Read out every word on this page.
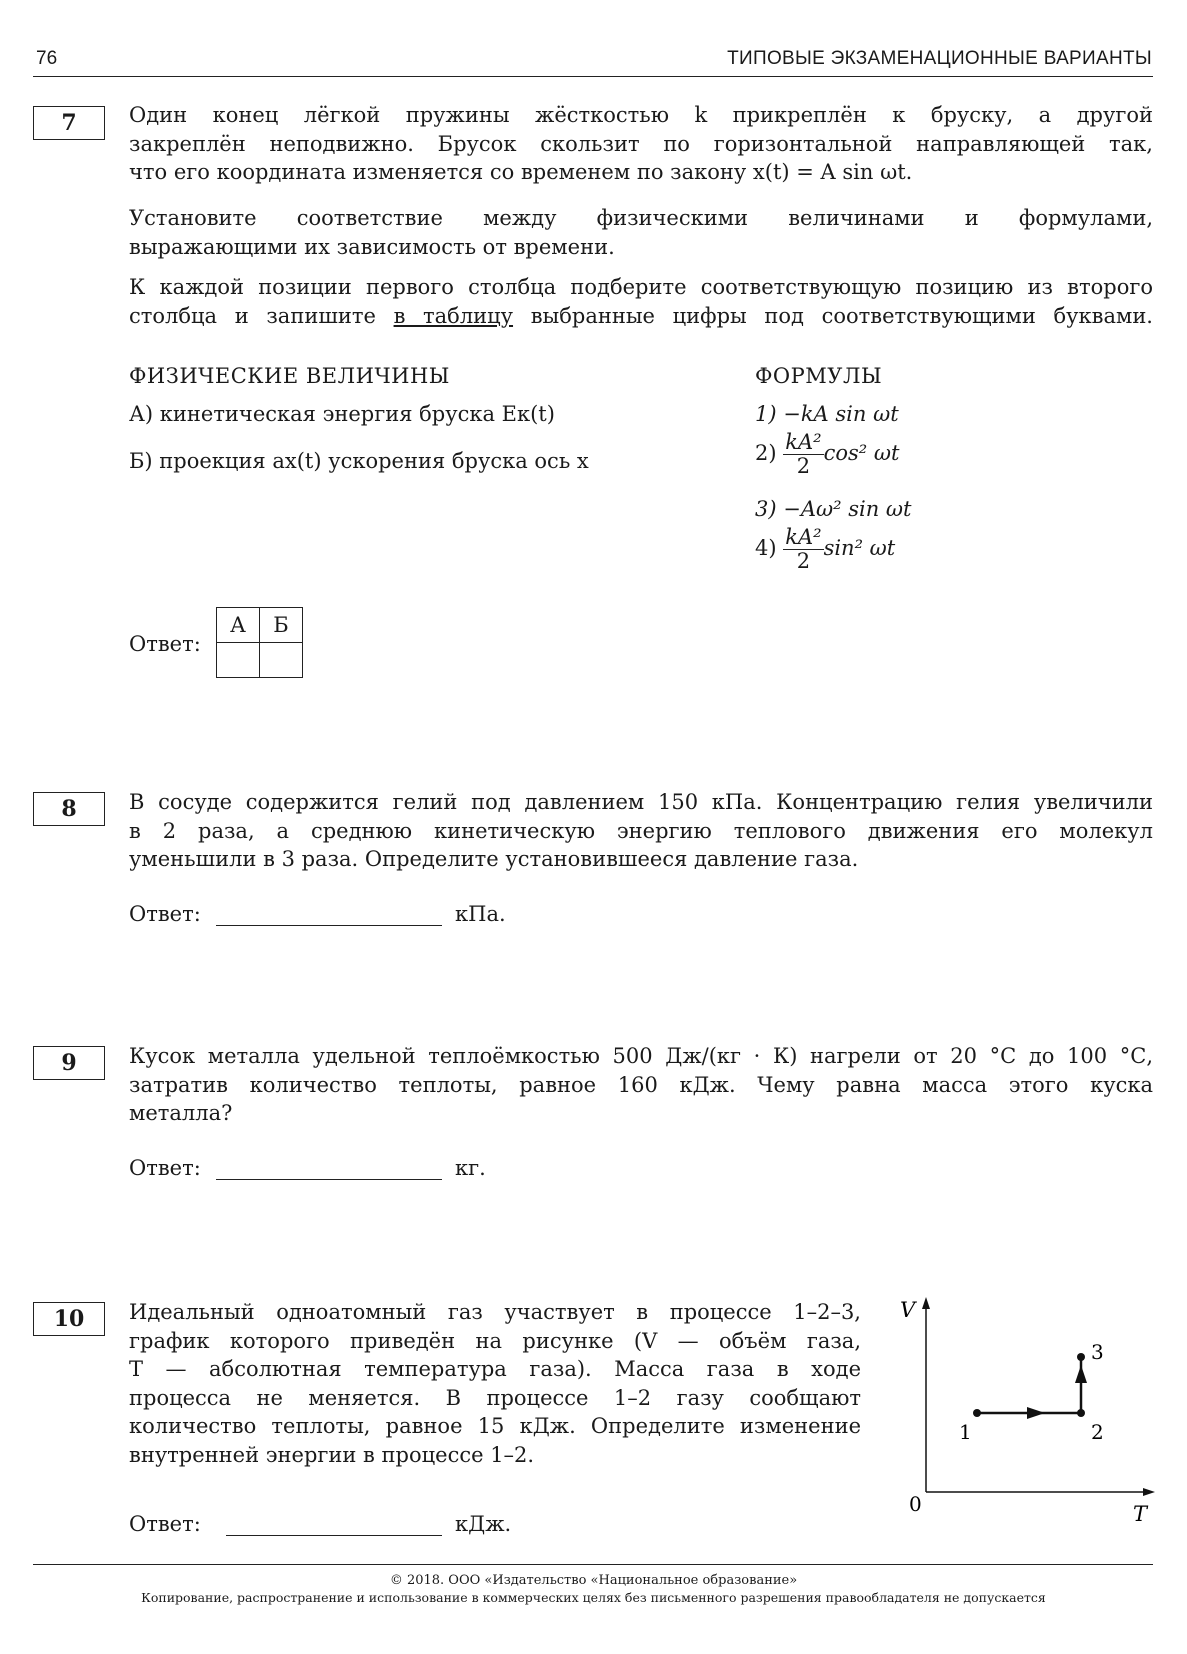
76	ТИПОВЫЕ ЭКЗАМЕНАЦИОННЫЕ ВАРИАНТЫ
7	Один конец лёгкой пружины жёсткостью k прикреплён к бруску, а другой
закреплён неподвижно. Брусок скользит по горизонтальной направляющей так,
что его координата изменяется со временем по закону x(t) = A sin ωt.
Установите соответствие между физическими величинами и формулами,
выражающими их зависимость от времени.
К каждой позиции первого столбца подберите соответствующую позицию из второго
столбца и запишите в таблицу выбранные цифры под соответствующими буквами.
ФИЗИЧЕСКИЕ ВЕЛИЧИНЫ	ФОРМУЛЫ
А) кинетическая энергия бруска Eк(t)
Б) проекция ax(t) ускорения бруска ось x
1) −kA sin ωt
$2) \frac{\text{kA²}}{2} \cos^2$ ωt
3) −Aω² sin ωt
$4) \frac{\text{kA²}}{2} \sin^2$ ωt
Ответ:
А	Б

8	В сосуде содержится гелий под давлением 150 кПа. Концентрацию гелия увеличили
в 2 раза, а среднюю кинетическую энергию теплового движения его молекул
уменьшили в 3 раза. Определите установившееся давление газа.
Ответ:	кПа.
9	Кусок металла удельной теплоёмкостью 500 Дж/(кг · К) нагрели от 20 °С до 100 °С,
затратив количество теплоты, равное 160 кДж. Чему равна масса этого куска
металла?
Ответ:	кг.
10	Идеальный одноатомный газ участвует в процессе 1–2–3,
график которого приведён на рисунке (V — объём газа,
T — абсолютная температура газа). Масса газа в ходе
процесса не меняется. В процессе 1–2 газу сообщают
количество теплоты, равное 15 кДж. Определите изменение
внутренней энергии в процессе 1–2.
Ответ:	кДж.
V
T
0
1	2
3
© 2018. ООО «Издательство «Национальное образование»
Копирование, распространение и использование в коммерческих целях без письменного разрешения правообладателя не допускается
